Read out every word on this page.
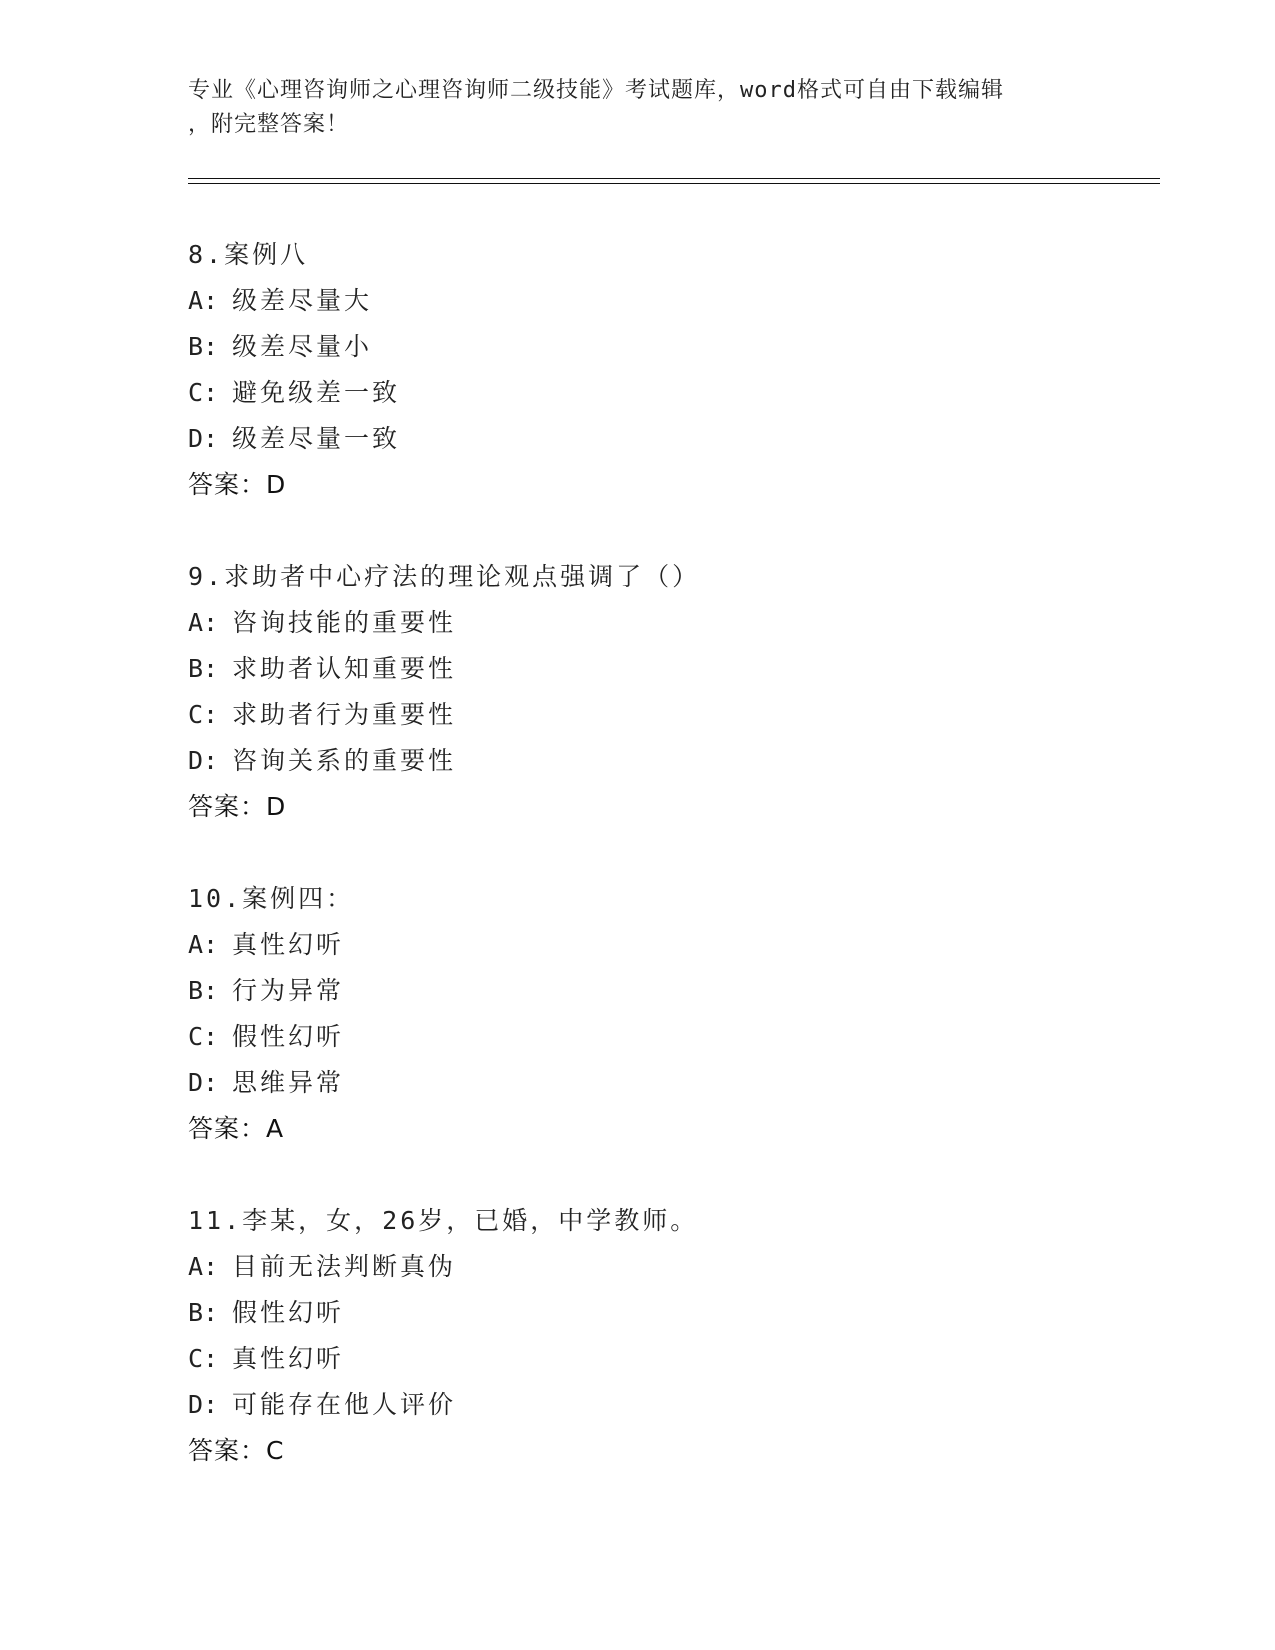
专业《心理咨询师之心理咨询师二级技能》考试题库，word格式可自由下载编辑
，附完整答案！
8.案例八
A: 级差尽量大
B: 级差尽量小
C: 避免级差一致
D: 级差尽量一致
答案：D
9.求助者中心疗法的理论观点强调了（）
A: 咨询技能的重要性
B: 求助者认知重要性
C: 求助者行为重要性
D: 咨询关系的重要性
答案：D
10.案例四：
A: 真性幻听
B: 行为异常
C: 假性幻听
D: 思维异常
答案：A
11.李某，女，26岁，已婚，中学教师。
A: 目前无法判断真伪
B: 假性幻听
C: 真性幻听
D: 可能存在他人评价
答案：C
